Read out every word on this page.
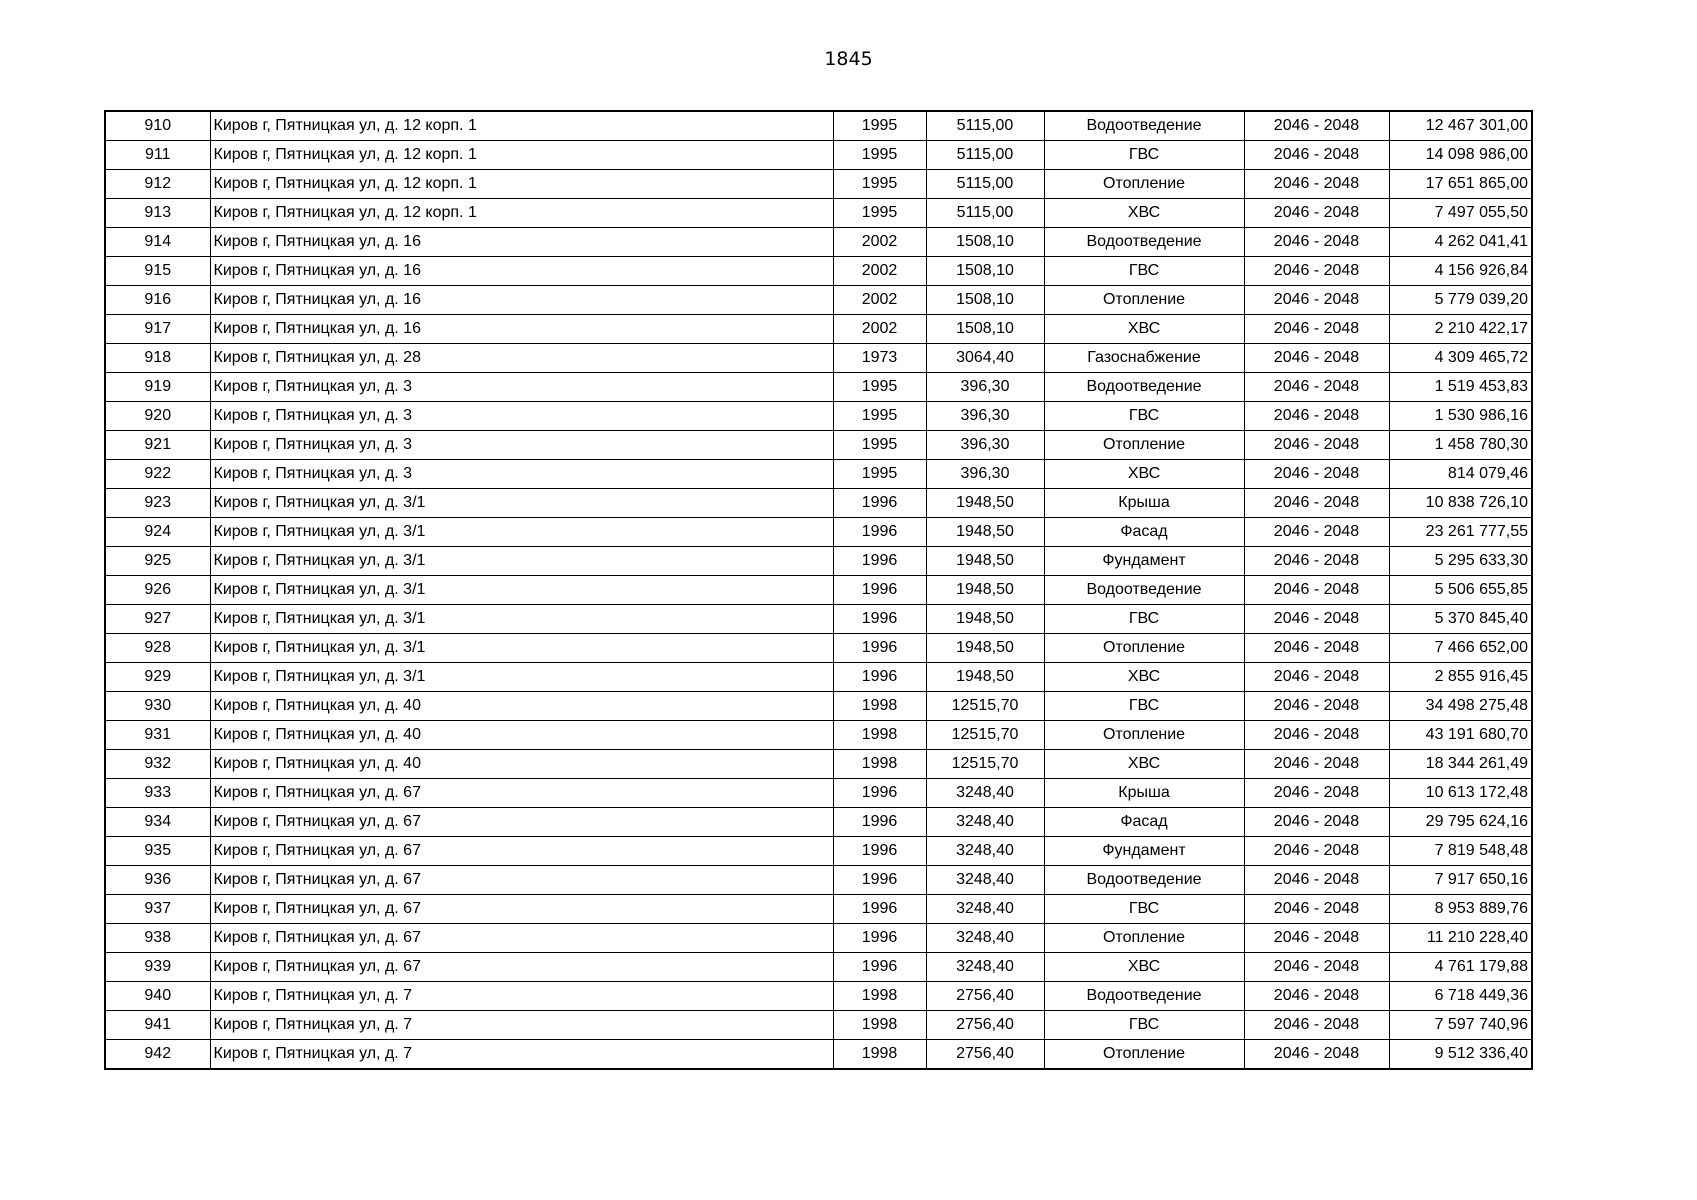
1845
910	Киров г, Пятницкая ул, д. 12 корп. 1	1995	5115,00	Водоотведение	2046 - 2048	12 467 301,00
911	Киров г, Пятницкая ул, д. 12 корп. 1	1995	5115,00	ГВС	2046 - 2048	14 098 986,00
912	Киров г, Пятницкая ул, д. 12 корп. 1	1995	5115,00	Отопление	2046 - 2048	17 651 865,00
913	Киров г, Пятницкая ул, д. 12 корп. 1	1995	5115,00	ХВС	2046 - 2048	7 497 055,50
914	Киров г, Пятницкая ул, д. 16	2002	1508,10	Водоотведение	2046 - 2048	4 262 041,41
915	Киров г, Пятницкая ул, д. 16	2002	1508,10	ГВС	2046 - 2048	4 156 926,84
916	Киров г, Пятницкая ул, д. 16	2002	1508,10	Отопление	2046 - 2048	5 779 039,20
917	Киров г, Пятницкая ул, д. 16	2002	1508,10	ХВС	2046 - 2048	2 210 422,17
918	Киров г, Пятницкая ул, д. 28	1973	3064,40	Газоснабжение	2046 - 2048	4 309 465,72
919	Киров г, Пятницкая ул, д. 3	1995	396,30	Водоотведение	2046 - 2048	1 519 453,83
920	Киров г, Пятницкая ул, д. 3	1995	396,30	ГВС	2046 - 2048	1 530 986,16
921	Киров г, Пятницкая ул, д. 3	1995	396,30	Отопление	2046 - 2048	1 458 780,30
922	Киров г, Пятницкая ул, д. 3	1995	396,30	ХВС	2046 - 2048	814 079,46
923	Киров г, Пятницкая ул, д. 3/1	1996	1948,50	Крыша	2046 - 2048	10 838 726,10
924	Киров г, Пятницкая ул, д. 3/1	1996	1948,50	Фасад	2046 - 2048	23 261 777,55
925	Киров г, Пятницкая ул, д. 3/1	1996	1948,50	Фундамент	2046 - 2048	5 295 633,30
926	Киров г, Пятницкая ул, д. 3/1	1996	1948,50	Водоотведение	2046 - 2048	5 506 655,85
927	Киров г, Пятницкая ул, д. 3/1	1996	1948,50	ГВС	2046 - 2048	5 370 845,40
928	Киров г, Пятницкая ул, д. 3/1	1996	1948,50	Отопление	2046 - 2048	7 466 652,00
929	Киров г, Пятницкая ул, д. 3/1	1996	1948,50	ХВС	2046 - 2048	2 855 916,45
930	Киров г, Пятницкая ул, д. 40	1998	12515,70	ГВС	2046 - 2048	34 498 275,48
931	Киров г, Пятницкая ул, д. 40	1998	12515,70	Отопление	2046 - 2048	43 191 680,70
932	Киров г, Пятницкая ул, д. 40	1998	12515,70	ХВС	2046 - 2048	18 344 261,49
933	Киров г, Пятницкая ул, д. 67	1996	3248,40	Крыша	2046 - 2048	10 613 172,48
934	Киров г, Пятницкая ул, д. 67	1996	3248,40	Фасад	2046 - 2048	29 795 624,16
935	Киров г, Пятницкая ул, д. 67	1996	3248,40	Фундамент	2046 - 2048	7 819 548,48
936	Киров г, Пятницкая ул, д. 67	1996	3248,40	Водоотведение	2046 - 2048	7 917 650,16
937	Киров г, Пятницкая ул, д. 67	1996	3248,40	ГВС	2046 - 2048	8 953 889,76
938	Киров г, Пятницкая ул, д. 67	1996	3248,40	Отопление	2046 - 2048	11 210 228,40
939	Киров г, Пятницкая ул, д. 67	1996	3248,40	ХВС	2046 - 2048	4 761 179,88
940	Киров г, Пятницкая ул, д. 7	1998	2756,40	Водоотведение	2046 - 2048	6 718 449,36
941	Киров г, Пятницкая ул, д. 7	1998	2756,40	ГВС	2046 - 2048	7 597 740,96
942	Киров г, Пятницкая ул, д. 7	1998	2756,40	Отопление	2046 - 2048	9 512 336,40
